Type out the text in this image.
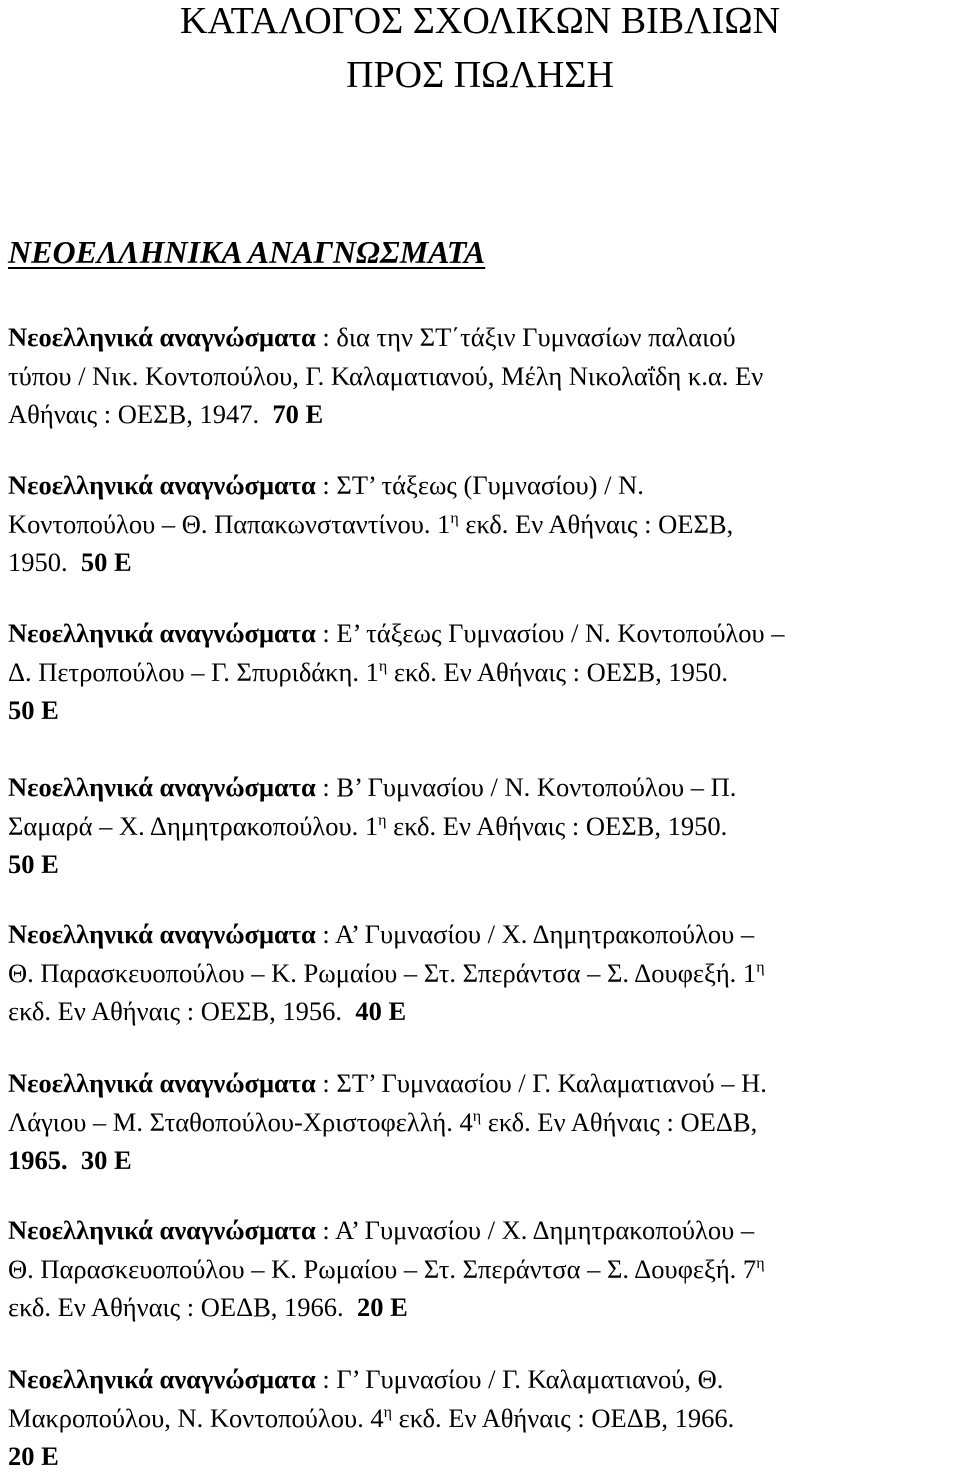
ΚΑΤΑΛΟΓΟΣ ΣΧΟΛΙΚΩΝ ΒΙΒΛΙΩΝ
ΠΡΟΣ ΠΩΛΗΣΗ
ΝΕΟΕΛΛΗΝΙΚΑ ΑΝΑΓΝΩΣΜΑΤΑ

Νεοελληνικά αναγνώσματα : δια την ΣΤ΄τάξιν Γυμνασίων παλαιού
τύπου / Νικ. Κοντοπούλου, Γ. Καλαματιανού, Μέλη Νικολαΐδη κ.α. Εν
Αθήναις : ΟΕΣΒ, 1947. 70 Ε

Νεοελληνικά αναγνώσματα : ΣΤ’ τάξεως (Γυμνασίου) / Ν.
Κοντοπούλου – Θ. Παπακωνσταντίνου. $1^\eta$ εκδ. Εν Αθήναις : ΟΕΣΒ,
1950. 50 Ε

Νεοελληνικά αναγνώσματα : Ε’ τάξεως Γυμνασίου / Ν. Κοντοπούλου –
Δ. Πετροπούλου – Γ. Σπυριδάκη. $1^\eta$ εκδ. Εν Αθήναις : ΟΕΣΒ, 1950.
50 Ε

Νεοελληνικά αναγνώσματα : Β’ Γυμνασίου / Ν. Κοντοπούλου – Π.
Σαμαρά – Χ. Δημητρακοπούλου. $1^\eta$ εκδ. Εν Αθήναις : ΟΕΣΒ, 1950.
50 Ε

Νεοελληνικά αναγνώσματα : Α’ Γυμνασίου / Χ. Δημητρακοπούλου –
Θ. Παρασκευοπούλου – Κ. Ρωμαίου – Στ. Σπεράντσα – Σ. Δουφεξή. $1^\eta$
εκδ. Εν Αθήναις : ΟΕΣΒ, 1956. 40 Ε

Νεοελληνικά αναγνώσματα : ΣΤ’ Γυμναασίου / Γ. Καλαματιανού – Η.
Λάγιου – Μ. Σταθοπούλου-Χριστοφελλή. $4^\eta$ εκδ. Εν Αθήναις : ΟΕΔΒ,
1965. 30 Ε

Νεοελληνικά αναγνώσματα : Α’ Γυμνασίου / Χ. Δημητρακοπούλου –
Θ. Παρασκευοπούλου – Κ. Ρωμαίου – Στ. Σπεράντσα – Σ. Δουφεξή. $7^\eta$
εκδ. Εν Αθήναις : ΟΕΔΒ, 1966. 20 Ε

Νεοελληνικά αναγνώσματα : Γ’ Γυμνασίου / Γ. Καλαματιανού, Θ.
Μακροπούλου, Ν. Κοντοπούλου. $4^\eta$ εκδ. Εν Αθήναις : ΟΕΔΒ, 1966.
20 Ε
